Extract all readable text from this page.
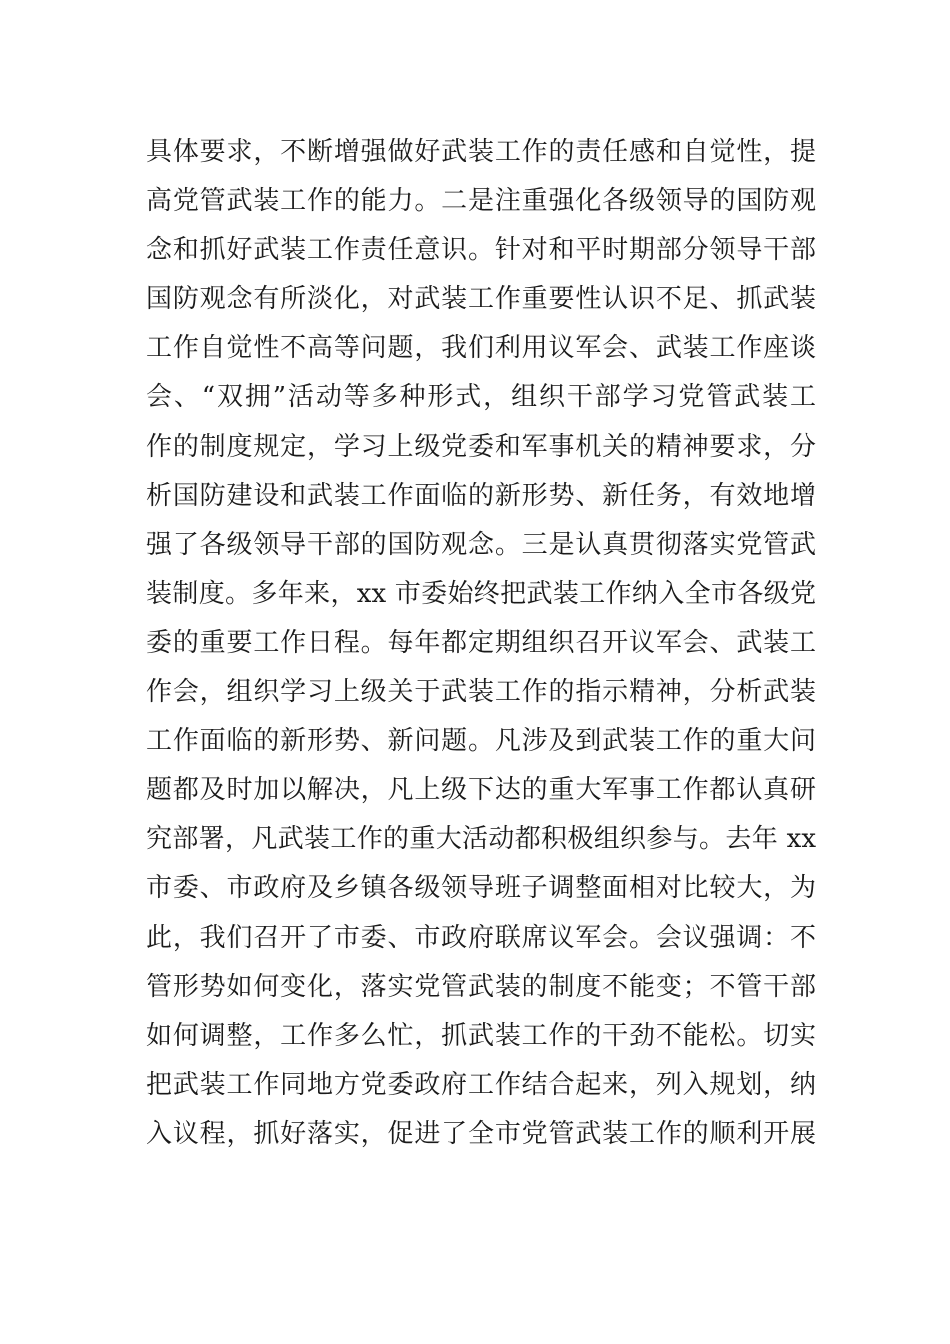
具体要求，不断增强做好武装工作的责任感和自觉性，提
高党管武装工作的能力。二是注重强化各级领导的国防观
念和抓好武装工作责任意识。针对和平时期部分领导干部
国防观念有所淡化，对武装工作重要性认识不足、抓武装
工作自觉性不高等问题，我们利用议军会、武装工作座谈
会、“双拥”活动等多种形式，组织干部学习党管武装工
作的制度规定，学习上级党委和军事机关的精神要求，分
析国防建设和武装工作面临的新形势、新任务，有效地增
强了各级领导干部的国防观念。三是认真贯彻落实党管武
装制度。多年来，xx 市委始终把武装工作纳入全市各级党
委的重要工作日程。每年都定期组织召开议军会、武装工
作会，组织学习上级关于武装工作的指示精神，分析武装
工作面临的新形势、新问题。凡涉及到武装工作的重大问
题都及时加以解决，凡上级下达的重大军事工作都认真研
究部署，凡武装工作的重大活动都积极组织参与。去年 xx
市委、市政府及乡镇各级领导班子调整面相对比较大，为
此，我们召开了市委、市政府联席议军会。会议强调：不
管形势如何变化，落实党管武装的制度不能变；不管干部
如何调整，工作多么忙，抓武装工作的干劲不能松。切实
把武装工作同地方党委政府工作结合起来，列入规划，纳
入议程，抓好落实，促进了全市党管武装工作的顺利开展
